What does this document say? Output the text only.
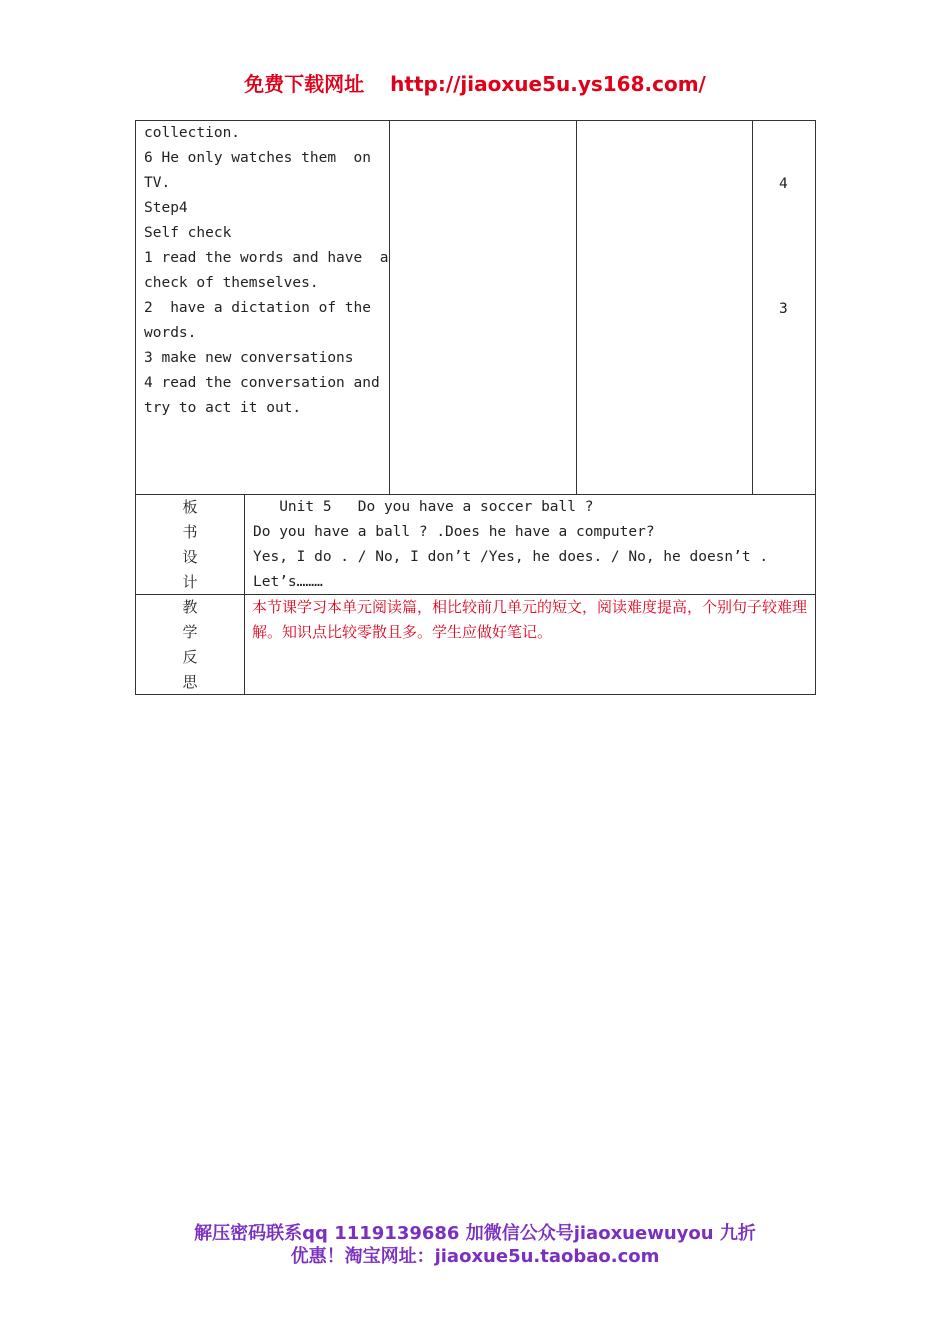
免费下载网址 http://jiaoxue5u.ys168.com/
collection.
6 He only watches them  on
TV.
Step4
Self check
1 read the words and have  a
check of themselves.
2  have a dictation of the
words.
3 make new conversations
4 read the conversation and
try to act it out.
4
3
板
书
设
计
Unit 5   Do you have a soccer ball ?
Do you have a ball ? .Does he have a computer?
Yes, I do . / No, I don’t /Yes, he does. / No, he doesn’t .
Let’s………
教
学
反
思
本节课学习本单元阅读篇，相比较前几单元的短文，阅读难度提高，个别句子较难理解。知识点比较零散且多。学生应做好笔记。
解压密码联系qq 1119139686 加微信公众号jiaoxuewuyou 九折
优惠！淘宝网址：jiaoxue5u.taobao.com
